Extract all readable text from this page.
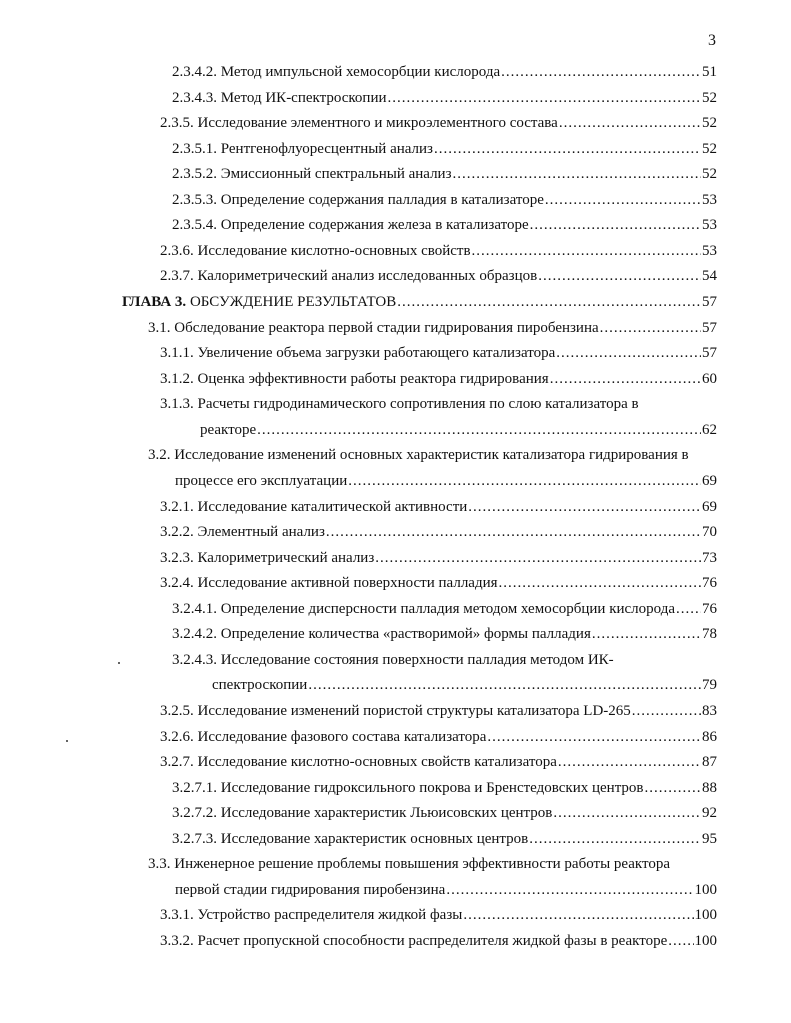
3
2.3.4.2. Метод импульсной хемосорбции кислорода .....	51
2.3.4.3. Метод ИК-спектроскопии .....	52
2.3.5. Исследование элементного и микроэлементного состава .....	52
2.3.5.1. Рентгенофлуоресцентный анализ .....	52
2.3.5.2. Эмиссионный спектральный анализ .....	52
2.3.5.3. Определение содержания палладия в катализаторе .....	53
2.3.5.4. Определение содержания железа в катализаторе .....	53
2.3.6. Исследование кислотно-основных свойств .....	53
2.3.7. Калориметрический анализ исследованных образцов .....	54
ГЛАВА 3. ОБСУЖДЕНИЕ РЕЗУЛЬТАТОВ .....	57
3.1. Обследование реактора первой стадии гидрирования пиробензина .....	57
3.1.1. Увеличение объема загрузки работающего катализатора .....	57
3.1.2. Оценка эффективности работы реактора гидрирования .....	60
3.1.3. Расчеты гидродинамического сопротивления по слою катализатора в
реакторе .....	62
3.2. Исследование изменений основных характеристик катализатора гидрирования в
процессе его эксплуатации .....	69
3.2.1. Исследование каталитической активности .....	69
3.2.2. Элементный анализ .....	70
3.2.3. Калориметрический анализ .....	73
3.2.4. Исследование активной поверхности палладия .....	76
3.2.4.1. Определение дисперсности палладия методом хемосорбции кислорода ..... 76
3.2.4.2. Определение количества «растворимой» формы палладия .....	78
3.2.4.3. Исследование состояния поверхности палладия методом ИК-
спектроскопии .....	79
3.2.5. Исследование изменений пористой структуры катализатора LD-265 .....	83
3.2.6. Исследование фазового состава катализатора .....	86
3.2.7. Исследование кислотно-основных свойств катализатора .....	87
3.2.7.1. Исследование гидроксильного покрова и Бренстедовских центров .....	88
3.2.7.2. Исследование характеристик Льюисовских центров .....	92
3.2.7.3. Исследование характеристик основных центров .....	95
3.3. Инженерное решение проблемы повышения эффективности работы реактора
первой стадии гидрирования пиробензина .....	100
3.3.1. Устройство распределителя жидкой фазы .....	100
3.3.2. Расчет пропускной способности распределителя жидкой фазы в реакторе ..... 100
